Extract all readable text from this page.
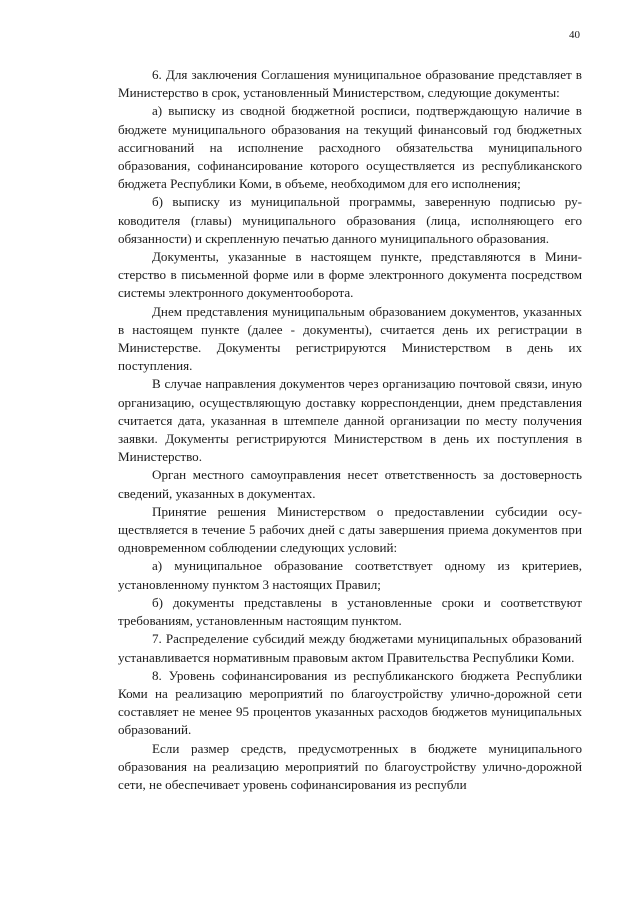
40

6. Для заключения Соглашения муниципальное образование представляет в Министерство в срок, установленный Министерством, следующие документы:

а) выписку из сводной бюджетной росписи, подтверждающую наличие в бюджете муниципального образования на текущий финансовый год бюджетных ассигнований на исполнение расходного обязательства муниципального образования, софинансирование которого осуществляется из республиканского бюджета Республики Коми, в объеме, необходимом для его исполнения;

б) выписку из муниципальной программы, заверенную подписью руководителя (главы) муниципального образования (лица, исполняющего его обязанности) и скрепленную печатью данного муниципального образования.

Документы, указанные в настоящем пункте, представляются в Министерство в письменной форме или в форме электронного документа посредством системы электронного документооборота.

Днем представления муниципальным образованием документов, указанных в настоящем пункте (далее - документы), считается день их регистрации в Министерстве. Документы регистрируются Министерством в день их поступления.

В случае направления документов через организацию почтовой связи, иную организацию, осуществляющую доставку корреспонденции, днем представления считается дата, указанная в штемпеле данной организации по месту получения заявки. Документы регистрируются Министерством в день их поступления в Министерство.

Орган местного самоуправления несет ответственность за достоверность сведений, указанных в документах.

Принятие решения Министерством о предоставлении субсидии осуществляется в течение 5 рабочих дней с даты завершения приема документов при одновременном соблюдении следующих условий:

а) муниципальное образование соответствует одному из критериев, установленному пунктом 3 настоящих Правил;

б) документы представлены в установленные сроки и соответствуют требованиям, установленным настоящим пунктом.

7. Распределение субсидий между бюджетами муниципальных образований устанавливается нормативным правовым актом Правительства Республики Коми.

8. Уровень софинансирования из республиканского бюджета Республики Коми на реализацию мероприятий по благоустройству улично-дорожной сети составляет не менее 95 процентов указанных расходов бюджетов муниципальных образований.

Если размер средств, предусмотренных в бюджете муниципального образования на реализацию мероприятий по благоустройству улично-дорожной сети, не обеспечивает уровень софинансирования из республи
